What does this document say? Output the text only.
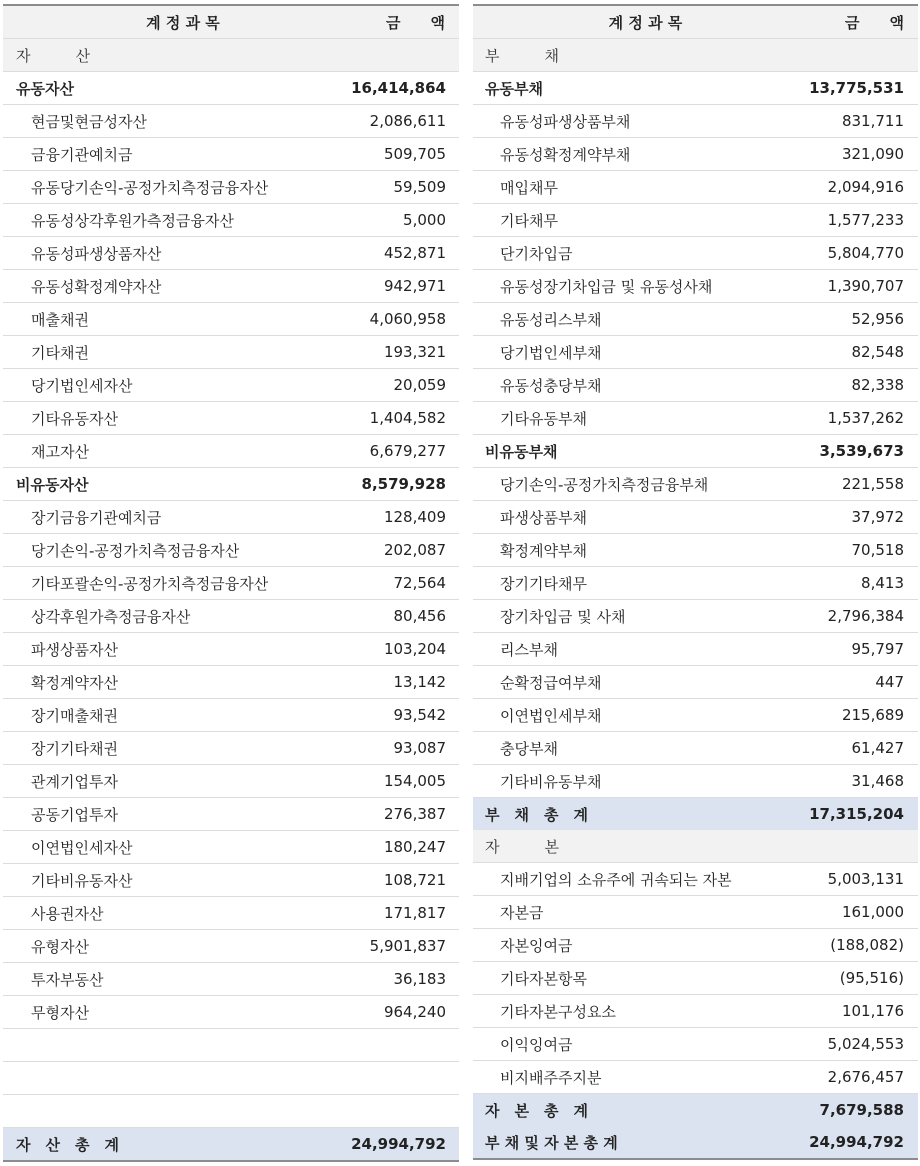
계 정 과 목	금　　액
자　　　산	
유동자산	16,414,864
현금및현금성자산	2,086,611
금융기관예치금	509,705
유동당기손익-공정가치측정금융자산	59,509
유동성상각후원가측정금융자산	5,000
유동성파생상품자산	452,871
유동성확정계약자산	942,971
매출채권	4,060,958
기타채권	193,321
당기법인세자산	20,059
기타유동자산	1,404,582
재고자산	6,679,277
비유동자산	8,579,928
장기금융기관예치금	128,409
당기손익-공정가치측정금융자산	202,087
기타포괄손익-공정가치측정금융자산	72,564
상각후원가측정금융자산	80,456
파생상품자산	103,204
확정계약자산	13,142
장기매출채권	93,542
장기기타채권	93,087
관계기업투자	154,005
공동기업투자	276,387
이연법인세자산	180,247
기타비유동자산	108,721
사용권자산	171,817
유형자산	5,901,837
투자부동산	36,183
무형자산	964,240

자　산　총　계	24,994,792
계 정 과 목	금　　액
부　　　채	
유동부채	13,775,531
유동성파생상품부채	831,711
유동성확정계약부채	321,090
매입채무	2,094,916
기타채무	1,577,233
단기차입금	5,804,770
유동성장기차입금 및 유동성사채	1,390,707
유동성리스부채	52,956
당기법인세부채	82,548
유동성충당부채	82,338
기타유동부채	1,537,262
비유동부채	3,539,673
당기손익-공정가치측정금융부채	221,558
파생상품부채	37,972
확정계약부채	70,518
장기기타채무	8,413
장기차입금 및 사채	2,796,384
리스부채	95,797
순확정급여부채	447
이연법인세부채	215,689
충당부채	61,427
기타비유동부채	31,468
부　채　총　계	17,315,204
자　　　본	
지배기업의 소유주에 귀속되는 자본	5,003,131
자본금	161,000
자본잉여금	(188,082)
기타자본항목	(95,516)
기타자본구성요소	101,176
이익잉여금	5,024,553
비지배주주지분	2,676,457
자　본　총　계	7,679,588
부 채 및 자 본 총 계	24,994,792
